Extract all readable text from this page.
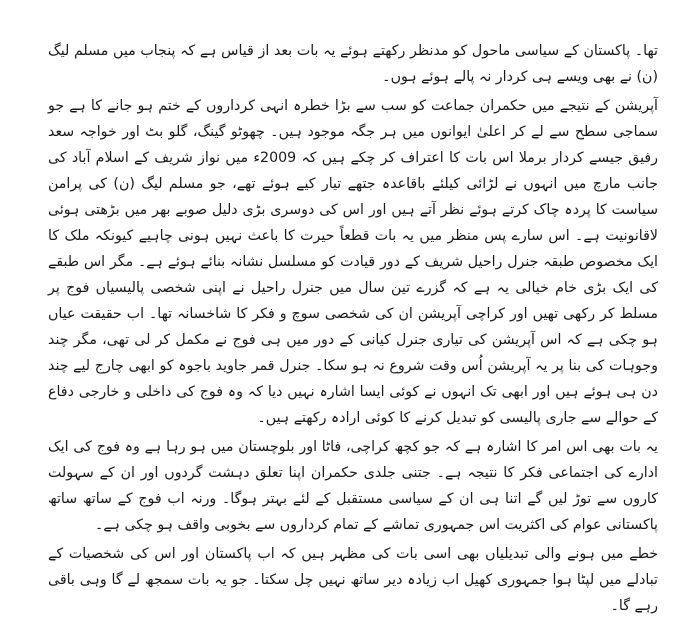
تھا۔ پاکستان کے سیاسی ماحول کو مدنظر رکھتے ہوئے یہ بات بعد از قیاس ہے کہ پنجاب میں مسلم لیگ (ن) نے بھی ویسے ہی کردار نہ پالے ہوئے ہوں۔

آپریشن کے نتیجے میں حکمران جماعت کو سب سے بڑا خطرہ انہی کرداروں کے ختم ہو جانے کا ہے جو سماجی سطح سے لے کر اعلیٰ ایوانوں میں ہر جگہ موجود ہیں۔ چھوٹو گینگ، گلو بٹ اور خواجہ سعد رفیق جیسے کردار برملا اس بات کا اعتراف کر چکے ہیں کہ 2009ء میں نواز شریف کے اسلام آباد کی جانب مارچ میں انہوں نے لڑائی کیلئے باقاعدہ جتھے تیار کیے ہوئے تھے، جو مسلم لیگ (ن) کی پرامن سیاست کا پردہ چاک کرتے ہوئے نظر آتے ہیں اور اس کی دوسری بڑی دلیل صوبے بھر میں بڑھتی ہوئی لاقانونیت ہے۔ اس سارے پس منظر میں یہ بات قطعاً حیرت کا باعث نہیں ہونی چاہیے کیونکہ ملک کا ایک مخصوص طبقہ جنرل راحیل شریف کے دور قیادت کو مسلسل نشانہ بنائے ہوئے ہے۔ مگر اس طبقے کی ایک بڑی خام خیالی یہ ہے کہ گزرے تین سال میں جنرل راحیل نے اپنی شخصی پالیسیاں فوج پر مسلط کر رکھی تھیں اور کراچی آپریشن ان کی شخصی سوچ و فکر کا شاخسانہ تھا۔ اب حقیقت عیاں ہو چکی ہے کہ اس آپریشن کی تیاری جنرل کیانی کے دور میں ہی فوج نے مکمل کر لی تھی، مگر چند وجوہات کی بنا پر یہ آپریشن اُس وقت شروع نہ ہو سکا۔ جنرل قمر جاوید باجوہ کو ابھی چارج لیے چند دن ہی ہوئے ہیں اور ابھی تک انہوں نے کوئی ایسا اشارہ نہیں دیا کہ وہ فوج کی داخلی و خارجی دفاع کے حوالے سے جاری پالیسی کو تبدیل کرنے کا کوئی ارادہ رکھتے ہیں۔

یہ بات بھی اس امر کا اشارہ ہے کہ جو کچھ کراچی، فاٹا اور بلوچستان میں ہو رہا ہے وہ فوج کی ایک ادارے کی اجتماعی فکر کا نتیجہ ہے۔ جتنی جلدی حکمران اپنا تعلق دہشت گردوں اور ان کے سہولت کاروں سے توڑ لیں گے اتنا ہی ان کے سیاسی مستقبل کے لئے بہتر ہوگا۔ ورنہ اب فوج کے ساتھ ساتھ پاکستانی عوام کی اکثریت اس جمہوری تماشے کے تمام کرداروں سے بخوبی واقف ہو چکی ہے۔

خطے میں ہونے والی تبدیلیاں بھی اسی بات کی مظہر ہیں کہ اب پاکستان اور اس کی شخصیات کے تبادلے میں لپٹا ہوا جمہوری کھیل اب زیادہ دیر ساتھ نہیں چل سکتا۔ جو یہ بات سمجھ لے گا وہی باقی رہے گا۔
